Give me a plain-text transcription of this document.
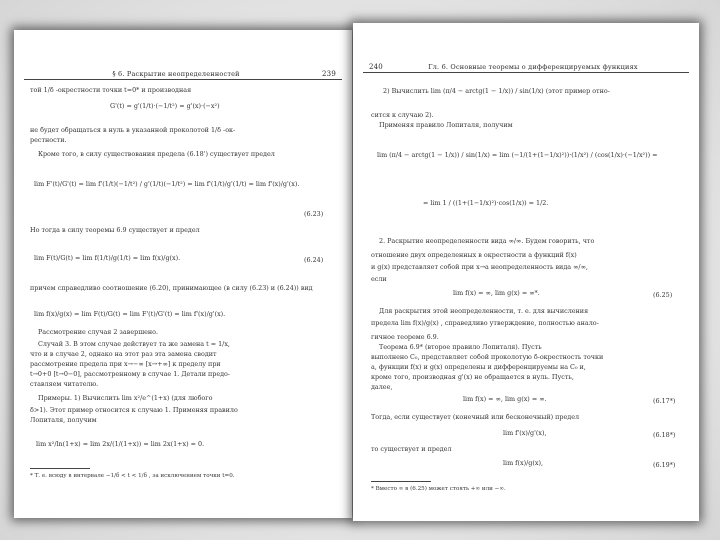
§ 6. Раскрытие неопределенностей	239
той 1/δ -окрестности точки t=0* и производная
G'(t) = g'(1/t)·(−1/t²) = g'(x)·(−x²)
не будет обращаться в нуль в указанной проколотой 1/δ -ок-
рестности.
Кроме того, в силу существования предела (6.18') существует предел
lim F'(t)/G'(t) = lim f'(1/t)(−1/t²) / g'(1/t)(−1/t²) = lim f'(1/t)/g'(1/t) = lim f'(x)/g'(x).
(6.23)
Но тогда в силу теоремы 6.9 существует и предел
lim F(t)/G(t) = lim f(1/t)/g(1/t) = lim f(x)/g(x).	(6.24)
причем справедливо соотношение (6.20), принимающее (в силу (6.23) и (6.24)) вид
lim f(x)/g(x) = lim F(t)/G(t) = lim F'(t)/G'(t) = lim f'(x)/g'(x).
Рассмотрение случая 2 завершено.
Случай 3. В этом случае действует та же замена t = 1/x,
что и в случае 2, однако на этот раз эта замена сводит
рассмотрение предела при x→−∞ [x→+∞] к пределу при
t→0+0 [t→0−0], рассмотренному в случае 1. Детали предо-
ставляем читателю.
Примеры. 1) Вычислить lim x²/e^(1+x) (для любого
δ>1). Этот пример относится к случаю 1. Применяя правило
Лопиталя, получим
lim x²/ln(1+x) = lim 2x/(1/(1+x)) = lim 2x(1+x) = 0.
* Т. е. всюду в интервале −1/δ < t < 1/δ , за исключением точки t=0.
240	Гл. 6. Основные теоремы о дифференцируемых функциях
2) Вычислить lim (π/4 − arctg(1 − 1/x)) / sin(1/x) (этот пример отно-
сится к случаю 2).
Применяя правило Лопиталя, получим
lim (π/4 − arctg(1 − 1/x)) / sin(1/x) = lim (−1/(1+(1−1/x)²))·(1/x²) / (cos(1/x)·(−1/x²)) =
= lim 1 / ((1+(1−1/x)²)·cos(1/x)) = 1/2.
2. Раскрытие неопределенности вида ∞/∞. Будем говорить, что
отношение двух определенных в окрестности а функций f(x)
и g(x) представляет собой при x→a неопределенность вида ∞/∞,
если
lim f(x) = ∞, lim g(x) = ∞*.	(6.25)
Для раскрытия этой неопределенности, т. е. для вычисления
предела lim f(x)/g(x) , справедливо утверждение, полностью анало-
гичное теореме 6.9.
Теорема 6.9* (второе правило Лопиталя). Пусть
выполнено C₀, представляет собой проколотую δ-окрестность точки
a, функции f(x) и g(x) определены и дифференцируемы на C₀ и,
кроме того, производная g'(x) не обращается в нуль. Пусть,
далее,
lim f(x) = ∞, lim g(x) = ∞.	(6.17*)
Тогда, если существует (конечный или бесконечный) предел
lim f'(x)/g'(x),	(6.18*)
то существует и предел
lim f(x)/g(x),	(6.19*)
* Вместо ∞ в (6.25) может стоять +∞ или −∞.
